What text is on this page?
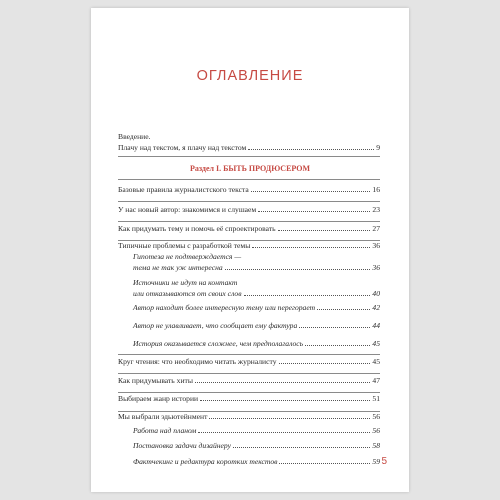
ОГЛАВЛЕНИЕ
Введение.
Плачу над текстом, я плачу над текстом	9
Раздел I. БЫТЬ ПРОДЮСЕРОМ
Базовые правила журналистского текста	16
У нас новый автор: знакомимся и слушаем	23
Как придумать тему и помочь её спроектировать	27
Типичные проблемы с разработкой темы	36
Гипотеза не подтверждается —
тема не так уж интересна	36
Источники не идут на контакт
или отказываются от своих слов	40
Автор находит более интересную тему или перегорает	42
Автор не улавливает, что сообщает ему фактура	44
История оказывается сложнее, чем предполагалось	45
Круг чтения: что необходимо читать журналисту	45
Как придумывать хиты	47
Выбираем жанр истории	51
Мы выбрали эдьютейнмент	56
Работа над планом	56
Постановка задачи дизайнеру	58
Фактчекинг и редактура коротких текстов	59 5
